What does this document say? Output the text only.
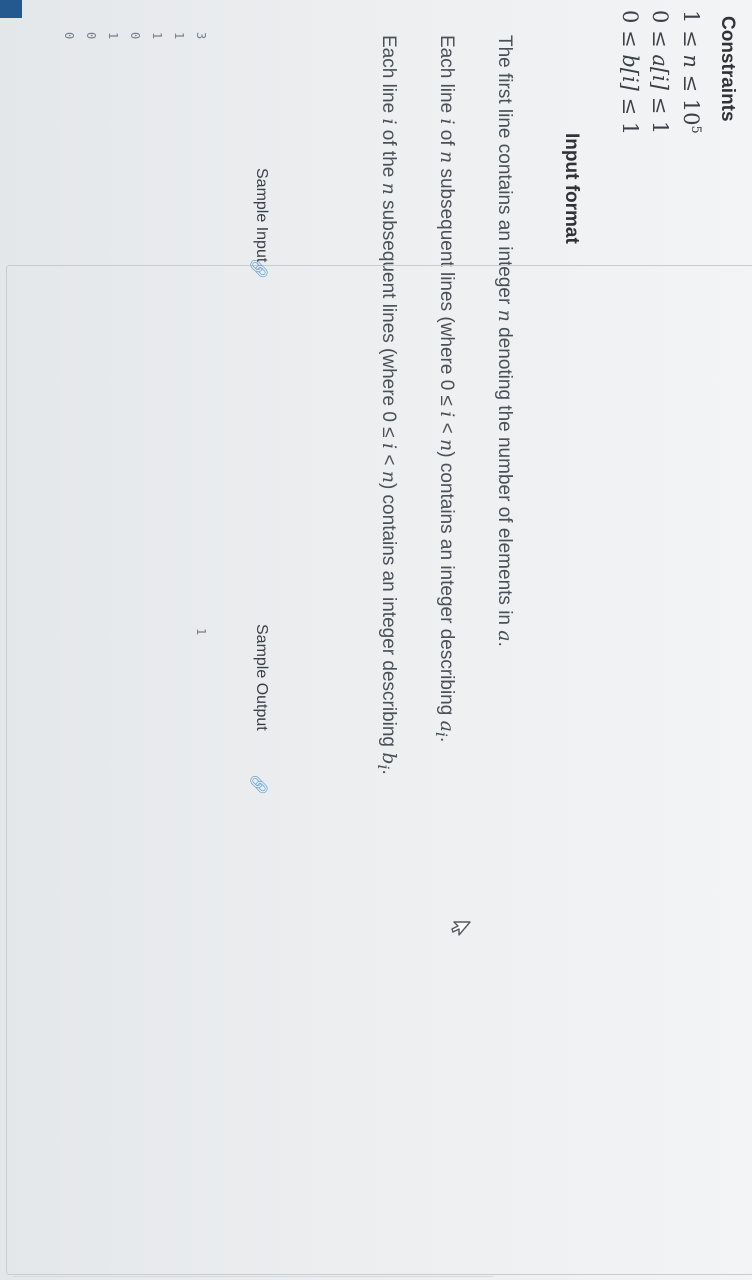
Constraints
$1 \le n \le 10^5$
0 ≤ a[i] ≤ 1
0 ≤ b[i] ≤ 1
Input format
The first line contains an integer n denoting the number of elements in a.
Each line i of n subsequent lines (where 0 ≤ i < n) contains an integer describing $a_i$.
Each line i of the n subsequent lines (where 0 ≤ i < n) contains an integer describing $b_i$.
Sample Input
🔗︎
3
1
1
0
1
0
0
Sample Output
🔗︎
1
